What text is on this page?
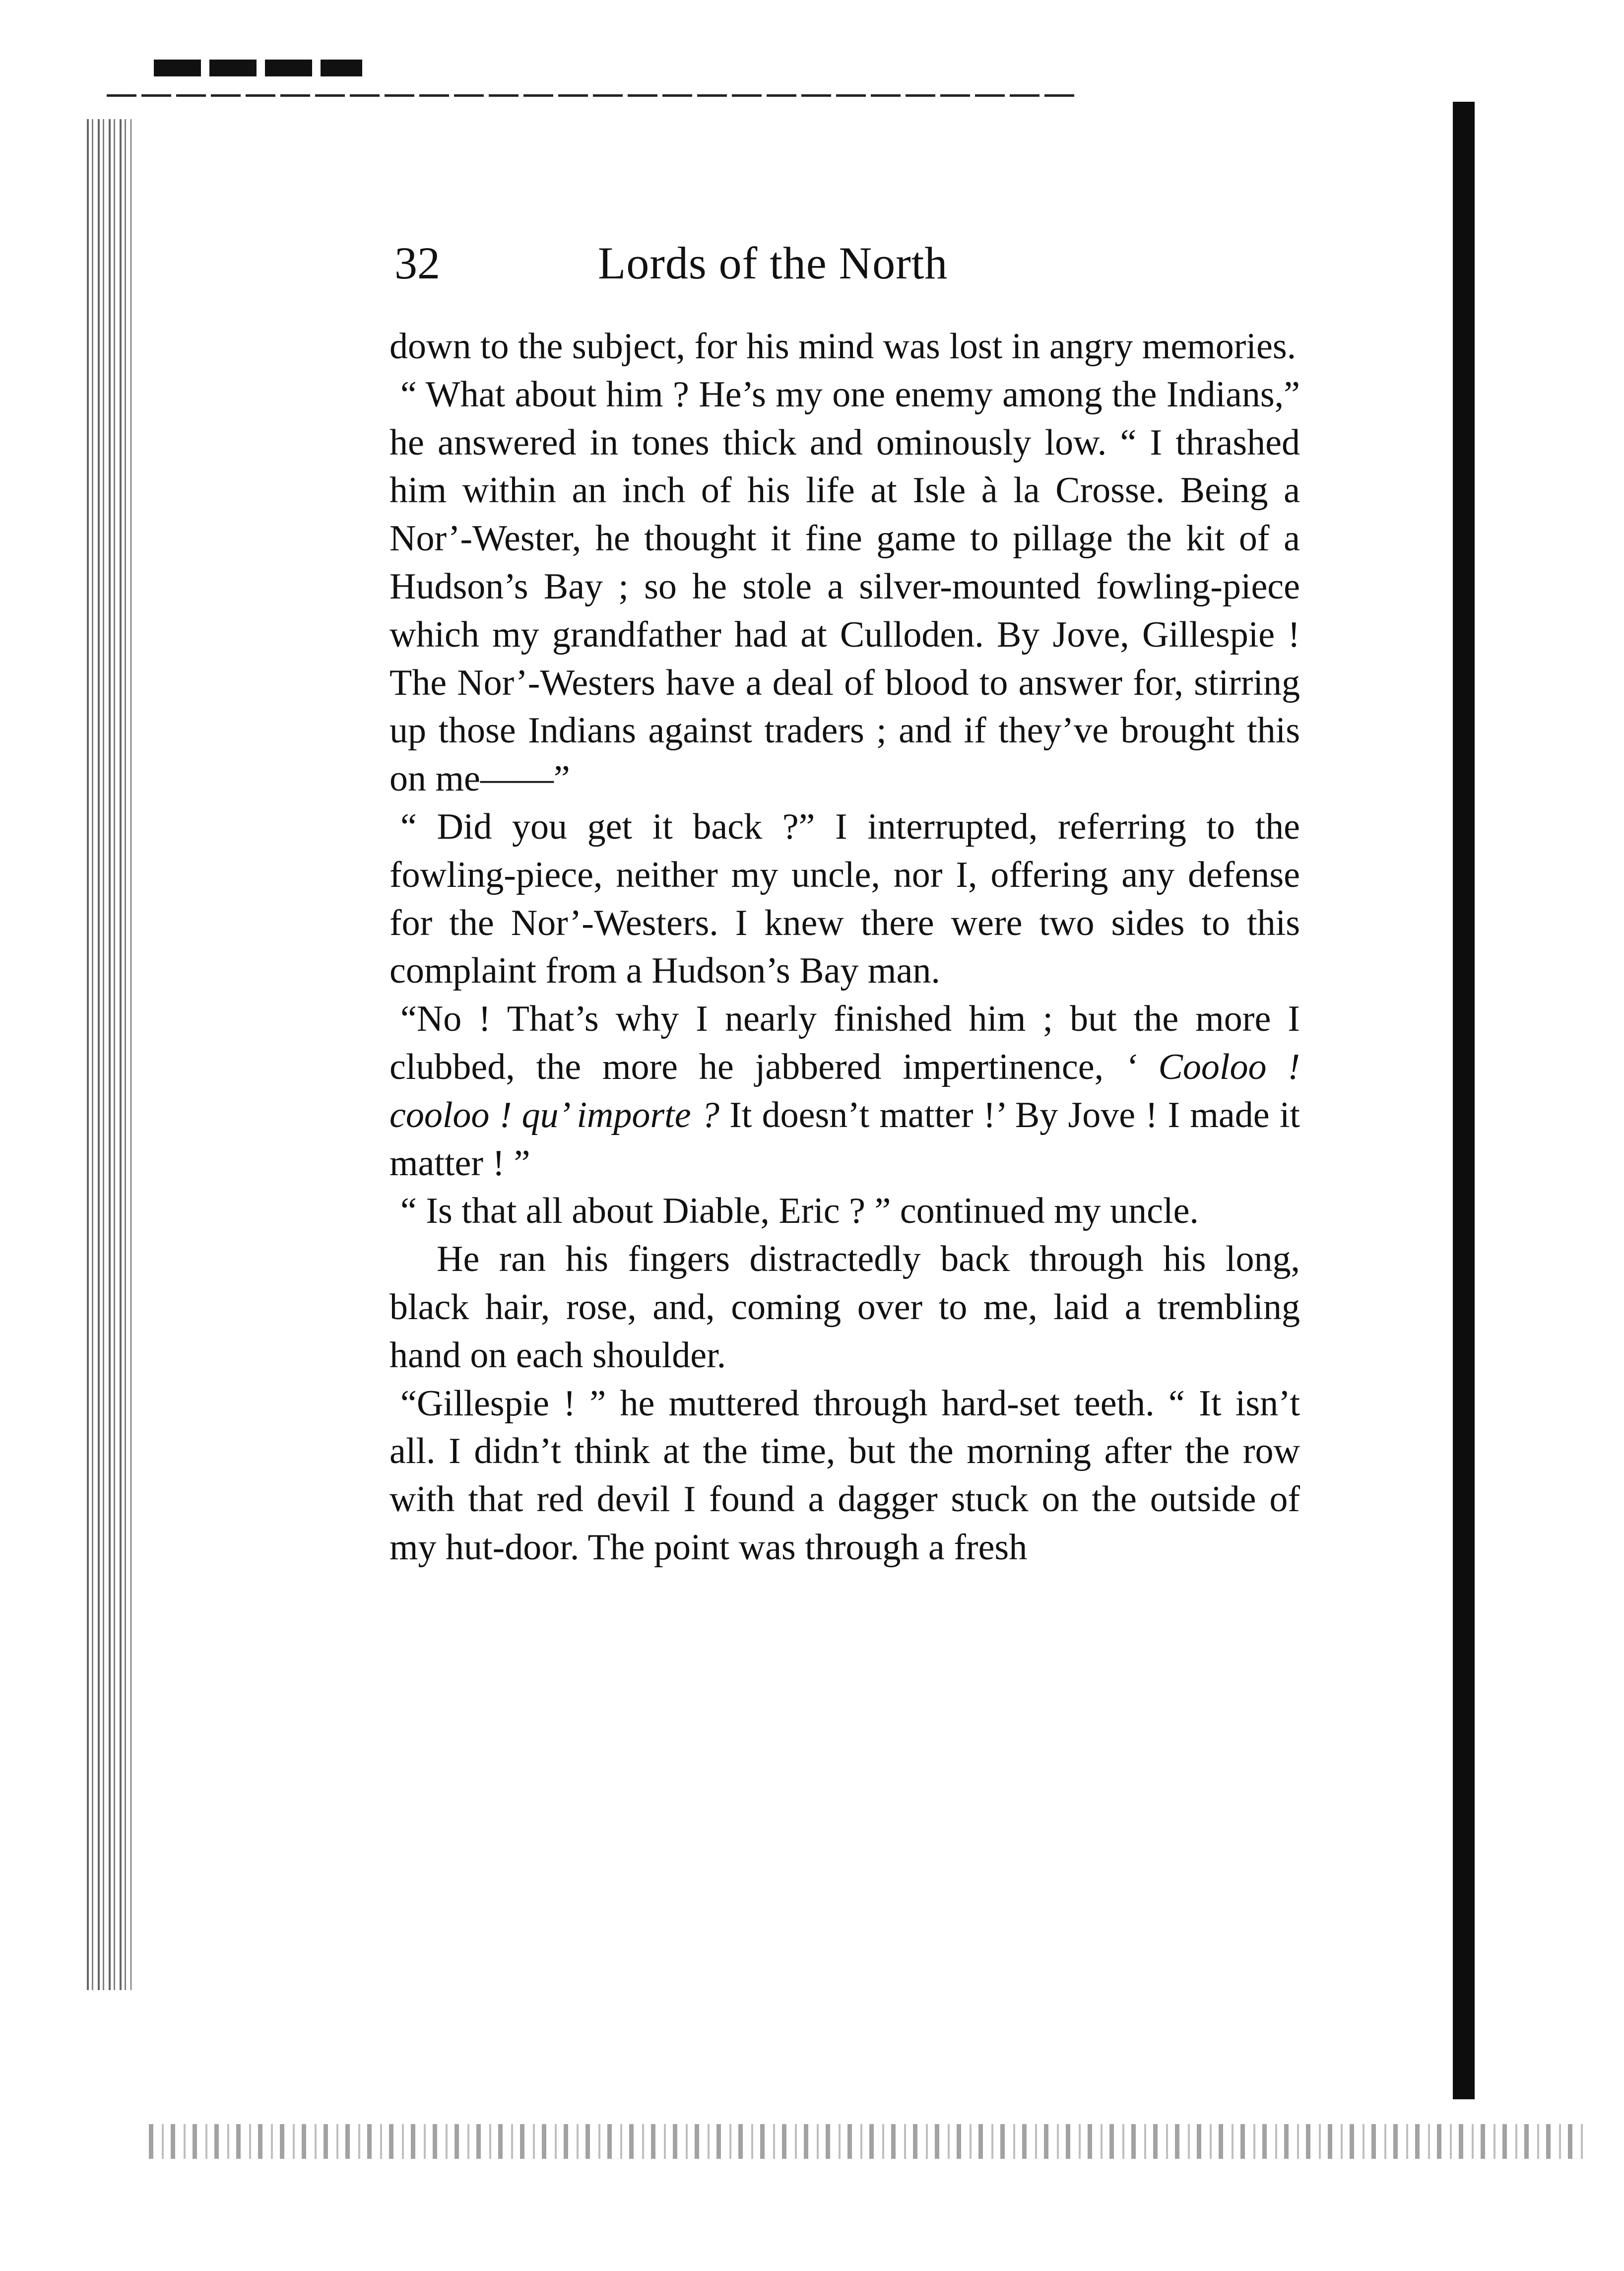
32	Lords of the North

down to the subject, for his mind was lost in angry memories.

“ What about him ? He’s my one enemy among the Indians,” he answered in tones thick and ominously low. “ I thrashed him within an inch of his life at Isle à la Crosse. Being a Nor’-Wester, he thought it fine game to pillage the kit of a Hudson’s Bay ; so he stole a silver-mounted fowling-piece which my grandfather had at Culloden. By Jove, Gillespie ! The Nor’-Westers have a deal of blood to answer for, stirring up those Indians against traders ; and if they’ve brought this on me——”

“ Did you get it back ?” I interrupted, referring to the fowling-piece, neither my uncle, nor I, offering any defense for the Nor’-Westers. I knew there were two sides to this complaint from a Hudson’s Bay man.

“No ! That’s why I nearly finished him ; but the more I clubbed, the more he jabbered impertinence, ‘ Cooloo ! cooloo ! qu’ importe ? It doesn’t matter !’ By Jove ! I made it matter ! ”

“ Is that all about Diable, Eric ? ” continued my uncle.

He ran his fingers distractedly back through his long, black hair, rose, and, coming over to me, laid a trembling hand on each shoulder.

“Gillespie ! ” he muttered through hard-set teeth. “ It isn’t all. I didn’t think at the time, but the morning after the row with that red devil I found a dagger stuck on the outside of my hut-door. The point was through a fresh
